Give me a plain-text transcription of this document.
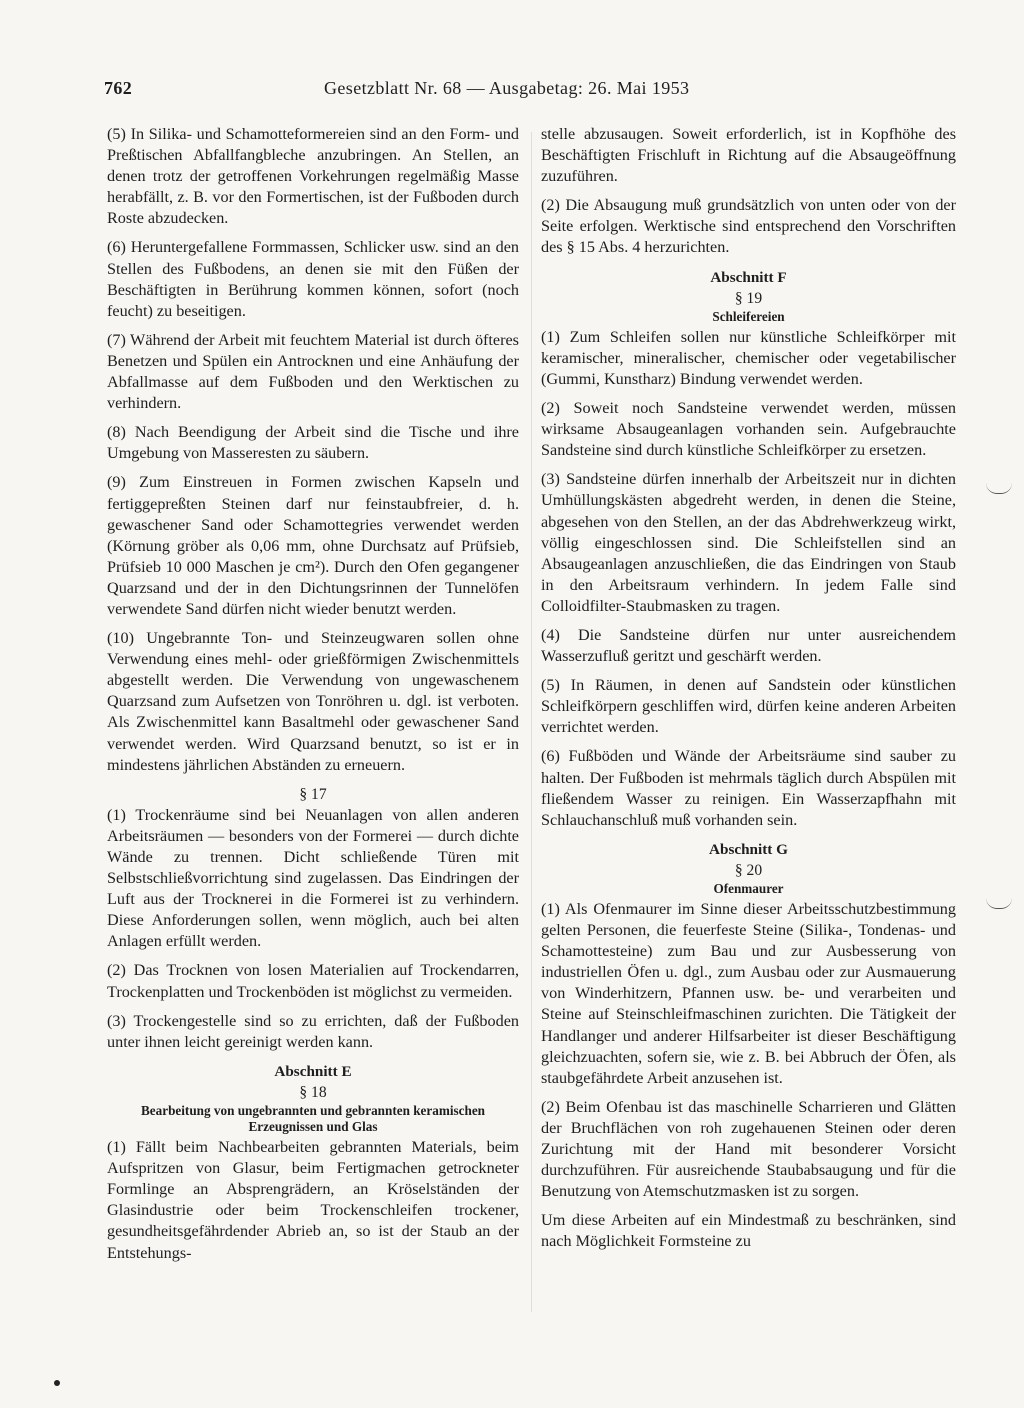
762	Gesetzblatt Nr. 68 — Ausgabetag: 26. Mai 1953

(5) In Silika- und Schamotteformereien sind an den Form- und Preßtischen Abfallfangbleche anzubringen. An Stellen, an denen trotz der getroffenen Vorkehrungen regelmäßig Masse herabfällt, z. B. vor den Formertischen, ist der Fußboden durch Roste abzudecken.

(6) Heruntergefallene Formmassen, Schlicker usw. sind an den Stellen des Fußbodens, an denen sie mit den Füßen der Beschäftigten in Berührung kommen können, sofort (noch feucht) zu beseitigen.

(7) Während der Arbeit mit feuchtem Material ist durch öfteres Benetzen und Spülen ein Antrocknen und eine Anhäufung der Abfallmasse auf dem Fußboden und den Werktischen zu verhindern.

(8) Nach Beendigung der Arbeit sind die Tische und ihre Umgebung von Masseresten zu säubern.

(9) Zum Einstreuen in Formen zwischen Kapseln und fertiggepreßten Steinen darf nur feinstaubfreier, d. h. gewaschener Sand oder Schamottegries verwendet werden (Körnung gröber als 0,06 mm, ohne Durchsatz auf Prüfsieb, Prüfsieb 10 000 Maschen je cm²). Durch den Ofen gegangener Quarzsand und der in den Dichtungsrinnen der Tunnelöfen verwendete Sand dürfen nicht wieder benutzt werden.

(10) Ungebrannte Ton- und Steinzeugwaren sollen ohne Verwendung eines mehl- oder grießförmigen Zwischenmittels abgestellt werden. Die Verwendung von ungewaschenem Quarzsand zum Aufsetzen von Tonröhren u. dgl. ist verboten. Als Zwischenmittel kann Basaltmehl oder gewaschener Sand verwendet werden. Wird Quarzsand benutzt, so ist er in mindestens jährlichen Abständen zu erneuern.

§ 17

(1) Trockenräume sind bei Neuanlagen von allen anderen Arbeitsräumen — besonders von der Formerei — durch dichte Wände zu trennen. Dicht schließende Türen mit Selbstschließvorrichtung sind zugelassen. Das Eindringen der Luft aus der Trocknerei in die Formerei ist zu verhindern. Diese Anforderungen sollen, wenn möglich, auch bei alten Anlagen erfüllt werden.

(2) Das Trocknen von losen Materialien auf Trockendarren, Trockenplatten und Trockenböden ist möglichst zu vermeiden.

(3) Trockengestelle sind so zu errichten, daß der Fußboden unter ihnen leicht gereinigt werden kann.

Abschnitt E

§ 18

Bearbeitung von ungebrannten und gebrannten keramischen Erzeugnissen und Glas

(1) Fällt beim Nachbearbeiten gebrannten Materials, beim Aufspritzen von Glasur, beim Fertigmachen getrockneter Formlinge an Absprengrädern, an Kröselständen der Glasindustrie oder beim Trockenschleifen trockener, gesundheitsgefährdender Abrieb an, so ist der Staub an der Entstehungs-

stelle abzusaugen. Soweit erforderlich, ist in Kopfhöhe des Beschäftigten Frischluft in Richtung auf die Absaugeöffnung zuzuführen.

(2) Die Absaugung muß grundsätzlich von unten oder von der Seite erfolgen. Werktische sind entsprechend den Vorschriften des § 15 Abs. 4 herzurichten.

Abschnitt F

§ 19

Schleifereien

(1) Zum Schleifen sollen nur künstliche Schleifkörper mit keramischer, mineralischer, chemischer oder vegetabilischer (Gummi, Kunstharz) Bindung verwendet werden.

(2) Soweit noch Sandsteine verwendet werden, müssen wirksame Absaugeanlagen vorhanden sein. Aufgebrauchte Sandsteine sind durch künstliche Schleifkörper zu ersetzen.

(3) Sandsteine dürfen innerhalb der Arbeitszeit nur in dichten Umhüllungskästen abgedreht werden, in denen die Steine, abgesehen von den Stellen, an der das Abdrehwerkzeug wirkt, völlig eingeschlossen sind. Die Schleifstellen sind an Absaugeanlagen anzuschließen, die das Eindringen von Staub in den Arbeitsraum verhindern. In jedem Falle sind Colloidfilter-Staubmasken zu tragen.

(4) Die Sandsteine dürfen nur unter ausreichendem Wasserzufluß geritzt und geschärft werden.

(5) In Räumen, in denen auf Sandstein oder künstlichen Schleifkörpern geschliffen wird, dürfen keine anderen Arbeiten verrichtet werden.

(6) Fußböden und Wände der Arbeitsräume sind sauber zu halten. Der Fußboden ist mehrmals täglich durch Abspülen mit fließendem Wasser zu reinigen. Ein Wasserzapfhahn mit Schlauchanschluß muß vorhanden sein.

Abschnitt G

§ 20

Ofenmaurer

(1) Als Ofenmaurer im Sinne dieser Arbeitsschutzbestimmung gelten Personen, die feuerfeste Steine (Silika-, Tondenas- und Schamottesteine) zum Bau und zur Ausbesserung von industriellen Öfen u. dgl., zum Ausbau oder zur Ausmauerung von Winderhitzern, Pfannen usw. be- und verarbeiten und Steine auf Steinschleifmaschinen zurichten. Die Tätigkeit der Handlanger und anderer Hilfsarbeiter ist dieser Beschäftigung gleichzuachten, sofern sie, wie z. B. bei Abbruch der Öfen, als staubgefährdete Arbeit anzusehen ist.

(2) Beim Ofenbau ist das maschinelle Scharrieren und Glätten der Bruchflächen von roh zugehauenen Steinen oder deren Zurichtung mit der Hand mit besonderer Vorsicht durchzuführen. Für ausreichende Staubabsaugung und für die Benutzung von Atemschutzmasken ist zu sorgen.

Um diese Arbeiten auf ein Mindestmaß zu beschränken, sind nach Möglichkeit Formsteine zu
